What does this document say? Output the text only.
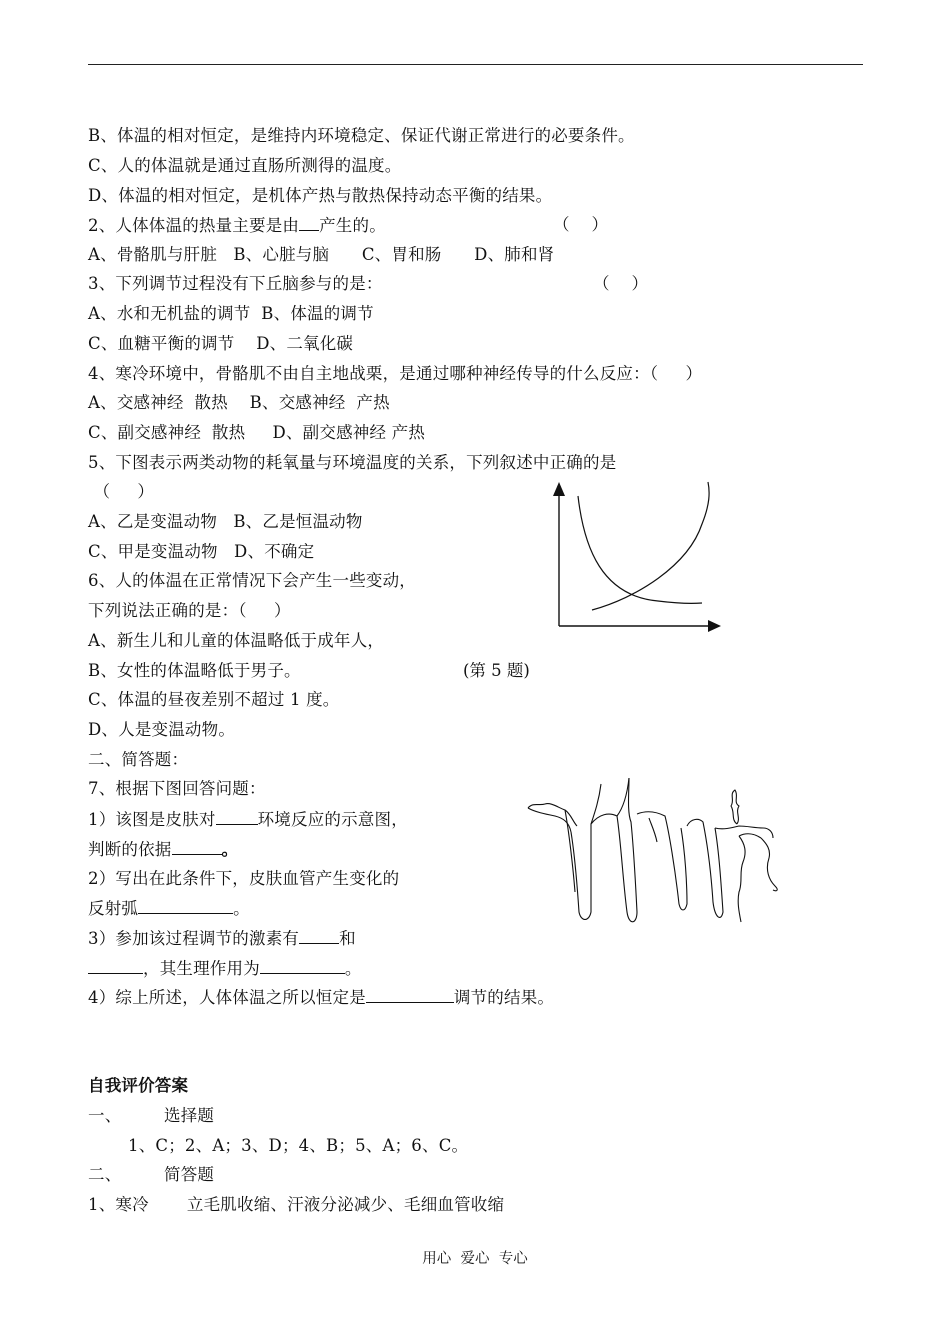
B、体温的相对恒定，是维持内环境稳定、保证代谢正常进行的必要条件。
C、人的体温就是通过直肠所测得的温度。
D、体温的相对恒定，是机体产热与散热保持动态平衡的结果。
2、人体体温的热量主要是由 产生的。	（    ）
A、骨骼肌与肝脏   B、心脏与脑      C、胃和肠      D、肺和肾
3、下列调节过程没有下丘脑参与的是：	（    ）
A、水和无机盐的调节  B、体温的调节
C、血糖平衡的调节    D、二氧化碳
4、寒冷环境中，骨骼肌不由自主地战栗，是通过哪种神经传导的什么反应：（     ）
A、交感神经  散热    B、交感神经  产热
C、副交感神经  散热     D、副交感神经 产热
5、下图表示两类动物的耗氧量与环境温度的关系，下列叙述中正确的是
（     ）
A、乙是变温动物   B、乙是恒温动物
C、甲是变温动物   D、不确定
6、人的体温在正常情况下会产生一些变动，
下列说法正确的是：（     ）
A、新生儿和儿童的体温略低于成年人，
B、女性的体温略低于男子。	(第 5 题)
C、体温的昼夜差别不超过 1 度。
D、人是变温动物。
二、简答题：
7、根据下图回答问题：
1）该图是皮肤对	环境反应的示意图，
判断的依据	。
2）写出在此条件下，皮肤血管产生变化的
反射弧	。
3）参加该过程调节的激素有 和
，其生理作用为	。
4）综上所述，人体体温之所以恒定是	调节的结果。
自我评价答案
一、	选择题
1、C；2、A；3、D；4、B；5、A；6、C。
二、	简答题
1、寒冷       立毛肌收缩、汗液分泌减少、毛细血管收缩
用心  爱心  专心
